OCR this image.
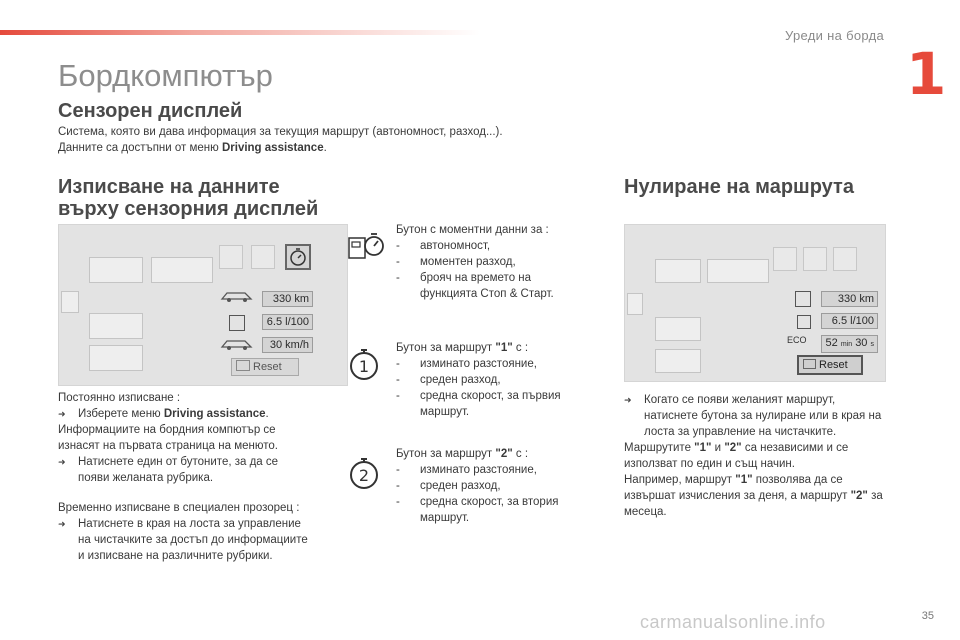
Уреди на борда
1
Бордкомпютър
Сензорен дисплей
Система, която ви дава информация за текущия маршрут (автономност, разход...).
Данните са достъпни от меню Driving assistance.
Изписване на данните
върху сензорния дисплей
330 km
6.5 l/100
30 km/h
Reset
Постоянно изписване :
➜ Изберете меню Driving assistance.
Информациите на бордния компютър се изнасят на първата страница на менюто.
➜ Натиснете един от бутоните, за да се появи желаната рубрика.
Временно изписване в специален прозорец :
➜ Натиснете в края на лоста за управление на чистачките за достъп до информациите и изписване на различните рубрики.
1
2
Бутон с моментни данни за :
- автономност,
- моментен разход,
- брояч на времето на функцията Стоп & Старт.
Бутон за маршрут "1" с :
- изминато разстояние,
- среден разход,
- средна скорост, за първия маршрут.
Бутон за маршрут "2" с :
- изминато разстояние,
- среден разход,
- средна скорост, за втория маршрут.
Нулиране на маршрута
ECO
330 km
6.5 l/100
52 min 30 s
Reset
➜ Когато се появи желаният маршрут, натиснете бутона за нулиране или в края на лоста за управление на чистачките.
Маршрутите "1" и "2" са независими и се използват по един и същ начин.
Например, маршрут "1" позволява да се извършат изчисления за деня, а маршрут "2" за месеца.
carmanualsonline.info	35
